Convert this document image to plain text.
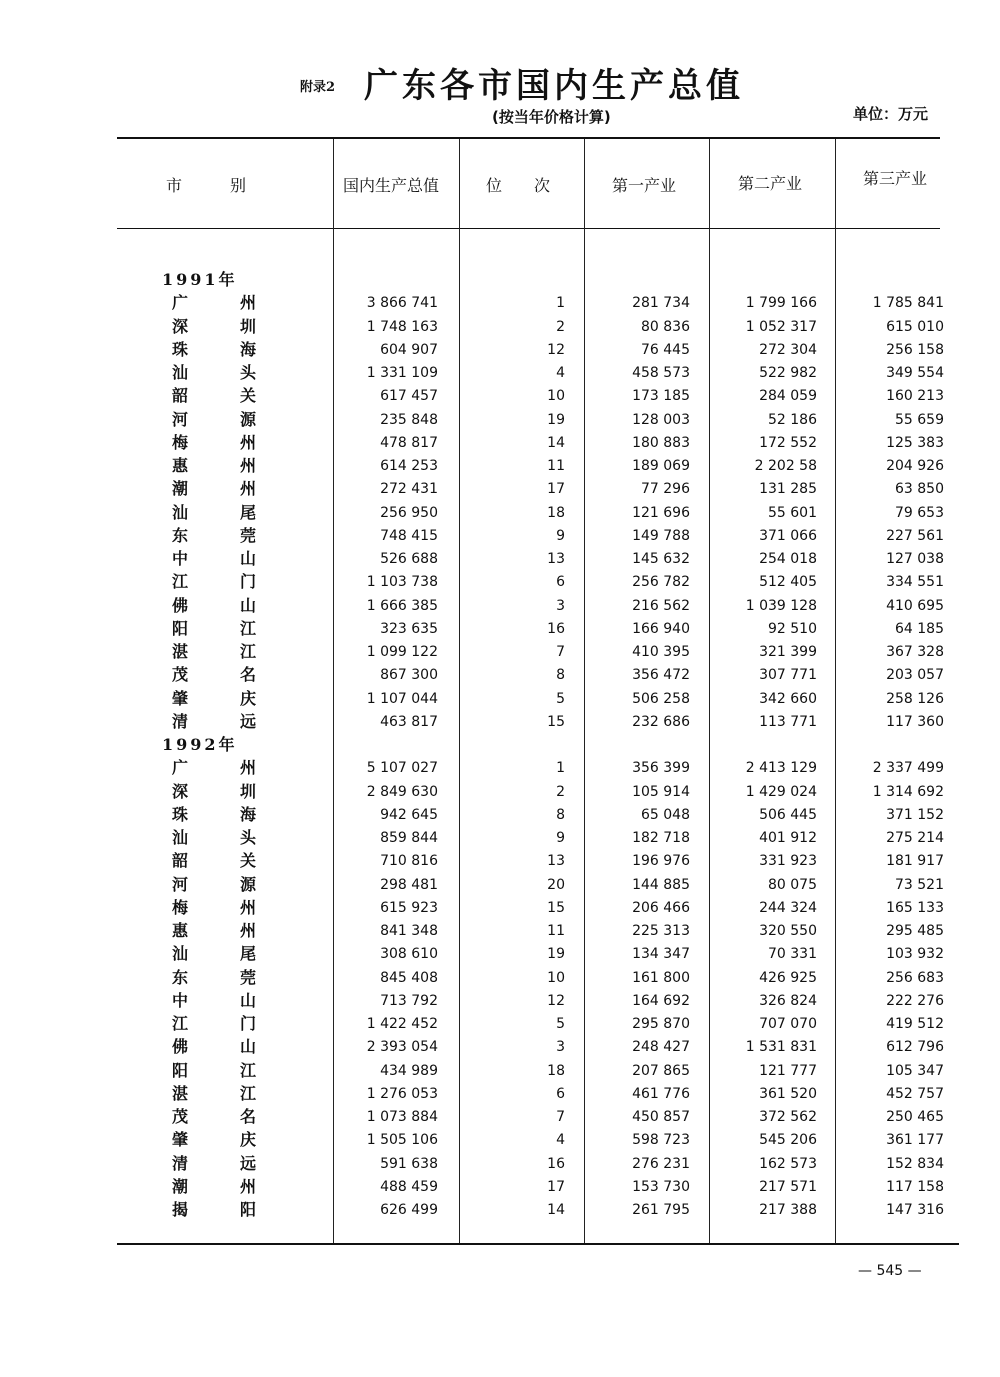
附录2 广东各市国内生产总值
(按当年价格计算)	单位：万元
市　　　别	国内生产总值	位　　次	第一产业	第二产业	第三产业
1991年
广州	3 866 741	1	281 734	1 799 166	1 785 841
深圳	1 748 163	2	80 836	1 052 317	615 010
珠海	604 907	12	76 445	272 304	256 158
汕头	1 331 109	4	458 573	522 982	349 554
韶关	617 457	10	173 185	284 059	160 213
河源	235 848	19	128 003	52 186	55 659
梅州	478 817	14	180 883	172 552	125 383
惠州	614 253	11	189 069	2 202 58	204 926
潮州	272 431	17	77 296	131 285	63 850
汕尾	256 950	18	121 696	55 601	79 653
东莞	748 415	9	149 788	371 066	227 561
中山	526 688	13	145 632	254 018	127 038
江门	1 103 738	6	256 782	512 405	334 551
佛山	1 666 385	3	216 562	1 039 128	410 695
阳江	323 635	16	166 940	92 510	64 185
湛江	1 099 122	7	410 395	321 399	367 328
茂名	867 300	8	356 472	307 771	203 057
肇庆	1 107 044	5	506 258	342 660	258 126
清远	463 817	15	232 686	113 771	117 360
1992年
广州	5 107 027	1	356 399	2 413 129	2 337 499
深圳	2 849 630	2	105 914	1 429 024	1 314 692
珠海	942 645	8	65 048	506 445	371 152
汕头	859 844	9	182 718	401 912	275 214
韶关	710 816	13	196 976	331 923	181 917
河源	298 481	20	144 885	80 075	73 521
梅州	615 923	15	206 466	244 324	165 133
惠州	841 348	11	225 313	320 550	295 485
汕尾	308 610	19	134 347	70 331	103 932
东莞	845 408	10	161 800	426 925	256 683
中山	713 792	12	164 692	326 824	222 276
江门	1 422 452	5	295 870	707 070	419 512
佛山	2 393 054	3	248 427	1 531 831	612 796
阳江	434 989	18	207 865	121 777	105 347
湛江	1 276 053	6	461 776	361 520	452 757
茂名	1 073 884	7	450 857	372 562	250 465
肇庆	1 505 106	4	598 723	545 206	361 177
清远	591 638	16	276 231	162 573	152 834
潮州	488 459	17	153 730	217 571	117 158
揭阳	626 499	14	261 795	217 388	147 316
— 545 —
